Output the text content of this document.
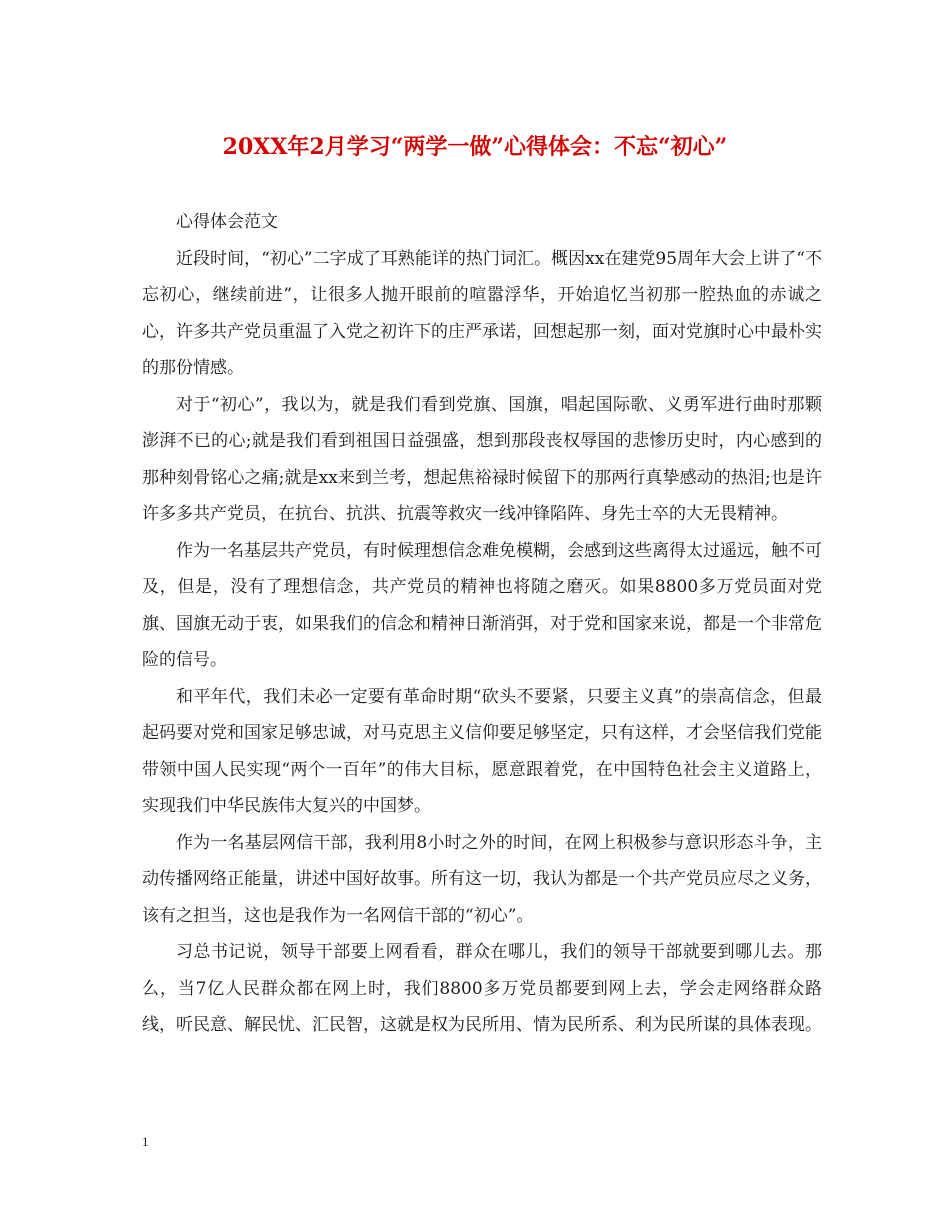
20XX年2月学习“两学一做”心得体会：不忘“初心”

心得体会范文

近段时间，“初心”二字成了耳熟能详的热门词汇。概因xx在建党95周年大会上讲了“不忘初心，继续前进”，让很多人抛开眼前的喧嚣浮华，开始追忆当初那一腔热血的赤诚之心，许多共产党员重温了入党之初许下的庄严承诺，回想起那一刻，面对党旗时心中最朴实的那份情感。

对于“初心”，我以为，就是我们看到党旗、国旗，唱起国际歌、义勇军进行曲时那颗澎湃不已的心;就是我们看到祖国日益强盛，想到那段丧权辱国的悲惨历史时，内心感到的那种刻骨铭心之痛;就是xx来到兰考，想起焦裕禄时候留下的那两行真挚感动的热泪;也是许许多多共产党员，在抗台、抗洪、抗震等救灾一线冲锋陷阵、身先士卒的大无畏精神。

作为一名基层共产党员，有时候理想信念难免模糊，会感到这些离得太过遥远，触不可及，但是，没有了理想信念，共产党员的精神也将随之磨灭。如果8800多万党员面对党旗、国旗无动于衷，如果我们的信念和精神日渐消弭，对于党和国家来说，都是一个非常危险的信号。

和平年代，我们未必一定要有革命时期“砍头不要紧，只要主义真”的崇高信念，但最起码要对党和国家足够忠诚，对马克思主义信仰要足够坚定，只有这样，才会坚信我们党能带领中国人民实现“两个一百年”的伟大目标，愿意跟着党，在中国特色社会主义道路上，实现我们中华民族伟大复兴的中国梦。

作为一名基层网信干部，我利用8小时之外的时间，在网上积极参与意识形态斗争，主动传播网络正能量，讲述中国好故事。所有这一切，我认为都是一个共产党员应尽之义务，该有之担当，这也是我作为一名网信干部的“初心”。

习总书记说，领导干部要上网看看，群众在哪儿，我们的领导干部就要到哪儿去。那么，当7亿人民群众都在网上时，我们8800多万党员都要到网上去，学会走网络群众路线，听民意、解民忧、汇民智，这就是权为民所用、情为民所系、利为民所谋的具体表现。

1
